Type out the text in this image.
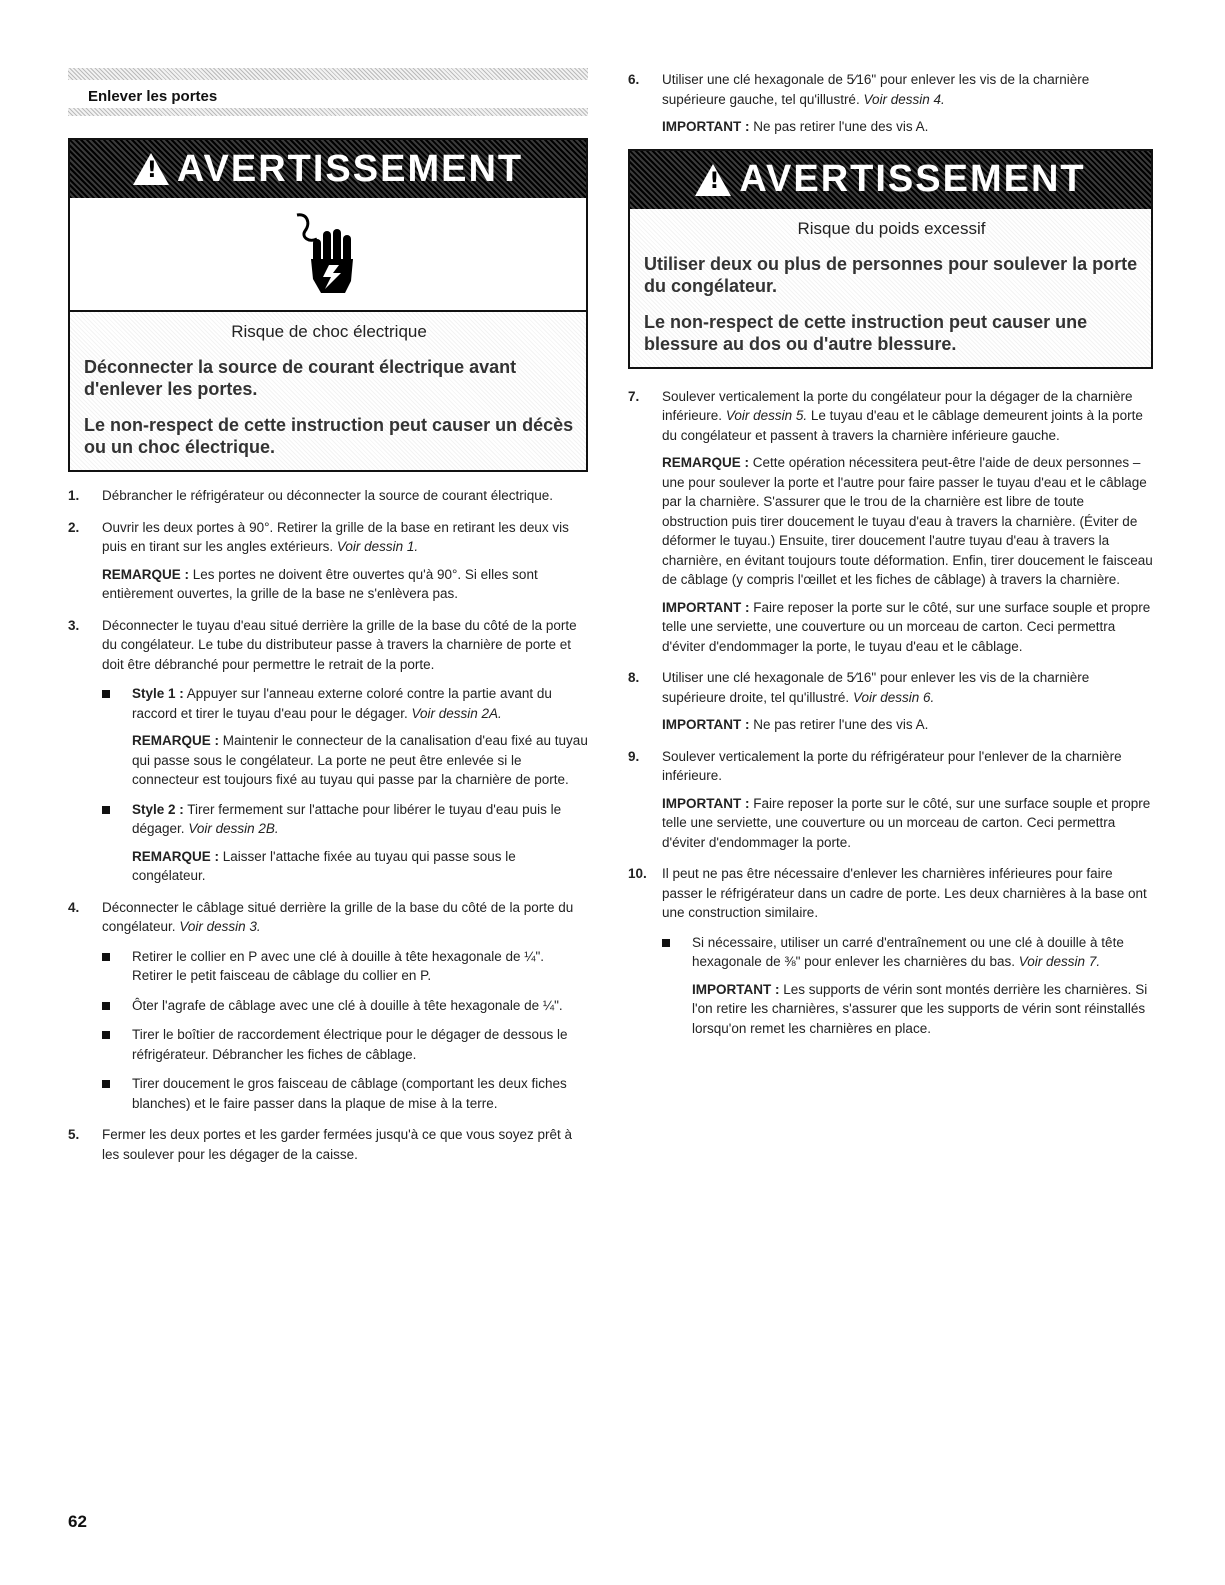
Enlever les portes
! AVERTISSEMENT
Risque de choc électrique
Déconnecter la source de courant électrique avant d'enlever les portes.
Le non-respect de cette instruction peut causer un décès ou un choc électrique.
1. Débrancher le réfrigérateur ou déconnecter la source de courant électrique.
2. Ouvrir les deux portes à 90°. Retirer la grille de la base en retirant les deux vis puis en tirant sur les angles extérieurs. Voir dessin 1.
REMARQUE : Les portes ne doivent être ouvertes qu'à 90°. Si elles sont entièrement ouvertes, la grille de la base ne s'enlèvera pas.
3. Déconnecter le tuyau d'eau situé derrière la grille de la base du côté de la porte du congélateur. Le tube du distributeur passe à travers la charnière de porte et doit être débranché pour permettre le retrait de la porte.
Style 1 : Appuyer sur l'anneau externe coloré contre la partie avant du raccord et tirer le tuyau d'eau pour le dégager. Voir dessin 2A.
REMARQUE : Maintenir le connecteur de la canalisation d'eau fixé au tuyau qui passe sous le congélateur. La porte ne peut être enlevée si le connecteur est toujours fixé au tuyau qui passe par la charnière de porte.
Style 2 : Tirer fermement sur l'attache pour libérer le tuyau d'eau puis le dégager. Voir dessin 2B.
REMARQUE : Laisser l'attache fixée au tuyau qui passe sous le congélateur.
4. Déconnecter le câblage situé derrière la grille de la base du côté de la porte du congélateur. Voir dessin 3.
Retirer le collier en P avec une clé à douille à tête hexagonale de ¼". Retirer le petit faisceau de câblage du collier en P.
Ôter l'agrafe de câblage avec une clé à douille à tête hexagonale de ¼".
Tirer le boîtier de raccordement électrique pour le dégager de dessous le réfrigérateur. Débrancher les fiches de câblage.
Tirer doucement le gros faisceau de câblage (comportant les deux fiches blanches) et le faire passer dans la plaque de mise à la terre.
5. Fermer les deux portes et les garder fermées jusqu'à ce que vous soyez prêt à les soulever pour les dégager de la caisse.
6. Utiliser une clé hexagonale de 5⁄16" pour enlever les vis de la charnière supérieure gauche, tel qu'illustré. Voir dessin 4.
IMPORTANT : Ne pas retirer l'une des vis A.
! AVERTISSEMENT
Risque du poids excessif
Utiliser deux ou plus de personnes pour soulever la porte du congélateur.
Le non-respect de cette instruction peut causer une blessure au dos ou d'autre blessure.
7. Soulever verticalement la porte du congélateur pour la dégager de la charnière inférieure. Voir dessin 5. Le tuyau d'eau et le câblage demeurent joints à la porte du congélateur et passent à travers la charnière inférieure gauche.
REMARQUE : Cette opération nécessitera peut-être l'aide de deux personnes – une pour soulever la porte et l'autre pour faire passer le tuyau d'eau et le câblage par la charnière. S'assurer que le trou de la charnière est libre de toute obstruction puis tirer doucement le tuyau d'eau à travers la charnière. (Éviter de déformer le tuyau.) Ensuite, tirer doucement l'autre tuyau d'eau à travers la charnière, en évitant toujours toute déformation. Enfin, tirer doucement le faisceau de câblage (y compris l'œillet et les fiches de câblage) à travers la charnière.
IMPORTANT : Faire reposer la porte sur le côté, sur une surface souple et propre telle une serviette, une couverture ou un morceau de carton. Ceci permettra d'éviter d'endommager la porte, le tuyau d'eau et le câblage.
8. Utiliser une clé hexagonale de 5⁄16" pour enlever les vis de la charnière supérieure droite, tel qu'illustré. Voir dessin 6.
IMPORTANT : Ne pas retirer l'une des vis A.
9. Soulever verticalement la porte du réfrigérateur pour l'enlever de la charnière inférieure.
IMPORTANT : Faire reposer la porte sur le côté, sur une surface souple et propre telle une serviette, une couverture ou un morceau de carton. Ceci permettra d'éviter d'endommager la porte.
10. Il peut ne pas être nécessaire d'enlever les charnières inférieures pour faire passer le réfrigérateur dans un cadre de porte. Les deux charnières à la base ont une construction similaire.
Si nécessaire, utiliser un carré d'entraînement ou une clé à douille à tête hexagonale de ⅜" pour enlever les charnières du bas. Voir dessin 7.
IMPORTANT : Les supports de vérin sont montés derrière les charnières. Si l'on retire les charnières, s'assurer que les supports de vérin sont réinstallés lorsqu'on remet les charnières en place.
62
